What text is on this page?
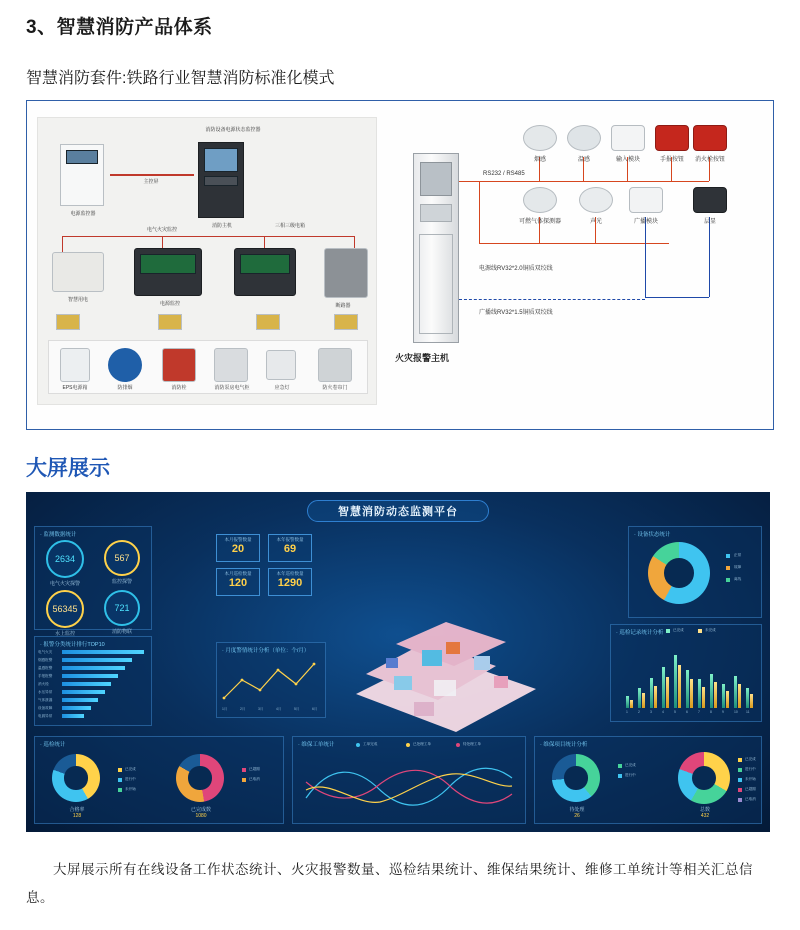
3、智慧消防产品体系
智慧消防套件:铁路行业智慧消防标准化模式
消防设备电源状态监控器
电源监控器
消防主机
主控屏
电气火灾监控
三相三级电箱
智慧用电
电源监控	断路器
EPS电源箱	防排烟	消防栓	消防泵房电气柜	应急灯	防火卷帘门
火灾报警主机
RS232 / RS485
烟感	温感	输入模块	手报按钮	消火栓按钮
可燃气体探测器	声光	广播模块	层显
电源线RV32*2.0铜质双绞线
广播线RV32*1.5铜质双绞线
大屏展示
智慧消防动态监测平台
· 监测数据统计
2634
电气火灾探警
567
监控探警
56345
水上监控
721
消防物联
本月报警数量
20
本年报警数量
69
本月巡检数量
120
本年巡检数量
1290
· 报警分类统计排行TOP10
电气火灾
烟感报警
温感报警
手报报警
消火栓
水压异常
气体泄漏
设备故障
电源异常
· 月度警情统计分析（单位：个/月）
1月	2月	3月	4月	5月	6月
· 设备状态统计
正常
故障
离线
· 巡检记录统计分析	已完成	未完成
1	2	3	4	5	6	7	8	9	10 11
· 巡检统计
合格率
128
已完成
进行中
未开始
已完成数
1080
已超期
已取消
· 维保工单统计	工单完成	已处理工单	待处理工单	· 维保项目统计分析
待处理
26
已完成
进行中
总数
432
已完成
进行中
未开始
已超期
已取消

大屏展示所有在线设备工作状态统计、火灾报警数量、巡检结果统计、维保结果统计、维修工单统计等相关汇总信息。
